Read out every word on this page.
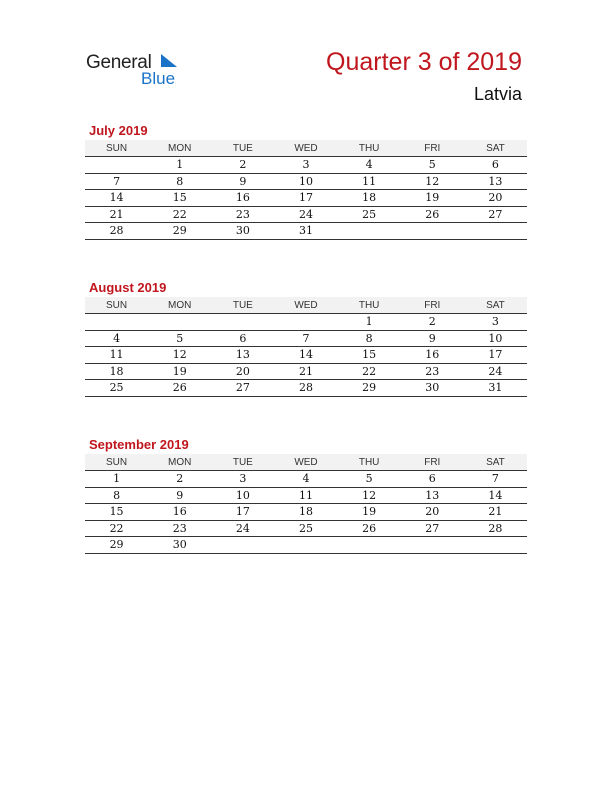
General
Blue
Quarter 3 of 2019
Latvia
July 2019
SUN	MON	TUE	WED	THU	FRI	SAT
	1	2	3	4	5	6
7	8	9	10	11	12	13
14	15	16	17	18	19	20
21	22	23	24	25	26	27
28	29	30	31			
August 2019
SUN	MON	TUE	WED	THU	FRI	SAT
				1	2	3
4	5	6	7	8	9	10
11	12	13	14	15	16	17
18	19	20	21	22	23	24
25	26	27	28	29	30	31
September 2019
SUN	MON	TUE	WED	THU	FRI	SAT
1	2	3	4	5	6	7
8	9	10	11	12	13	14
15	16	17	18	19	20	21
22	23	24	25	26	27	28
29	30					
